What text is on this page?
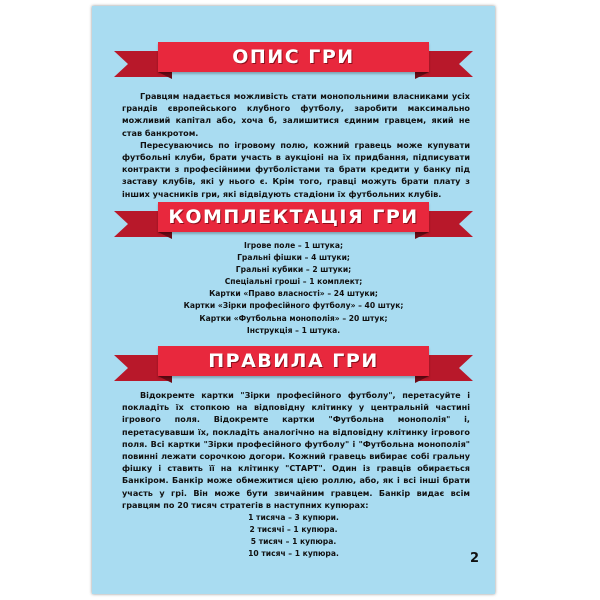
ОПИС ГРИ

Гравцям надається можливість стати монопольними власниками усіх грандів європейського клубного футболу, заробити максимально можливий капітал або, хоча б, залишитися єдиним гравцем, який не став банкротом.

Пересуваючись по ігровому полю, кожний гравець може купувати футбольні клуби, брати участь в аукціоні на їх придбання, підписувати контракти з професійними футболістами та брати кредити у банку під заставу клубів, які у нього є. Крім того, гравці можуть брати плату з інших учасників гри, які відвідують стадіони їх футбольних клубів.

КОМПЛЕКТАЦІЯ ГРИ
Ігрове поле – 1 штука;
Гральні фішки – 4 штуки;
Гральні кубики – 2 штуки;
Спеціальні гроші – 1 комплект;
Картки «Право власності» – 24 штуки;
Картки «Зірки професійного футболу» – 40 штук;
Картки «Футбольна монополія» – 20 штук;
Інструкція – 1 штука.
ПРАВИЛА ГРИ

Відокремте картки "Зірки професійного футболу", перетасуйте і покладіть їх стопкою на відповідну клітинку у центральній частині ігрового поля. Відокремте картки "Футбольна монополія" і, перетасувавши їх, покладіть аналогічно на відповідну клітинку ігрового поля. Всі картки "Зірки професійного футболу" і "Футбольна монополія" повинні лежати сорочкою догори. Кожний гравець вибирає собі гральну фішку і ставить її на клітинку "СТАРТ". Один із гравців обирається Банкіром. Банкір може обмежитися цією роллю, або, як і всі інші брати участь у грі. Він може бути звичайним гравцем. Банкір видає всім гравцям по 20 тисяч стратегів в наступних купюрах:

1 тисяча – 3 купюри.
2 тисячі – 1 купюра.
5 тисяч – 1 купюра.
10 тисяч – 1 купюра.	2
